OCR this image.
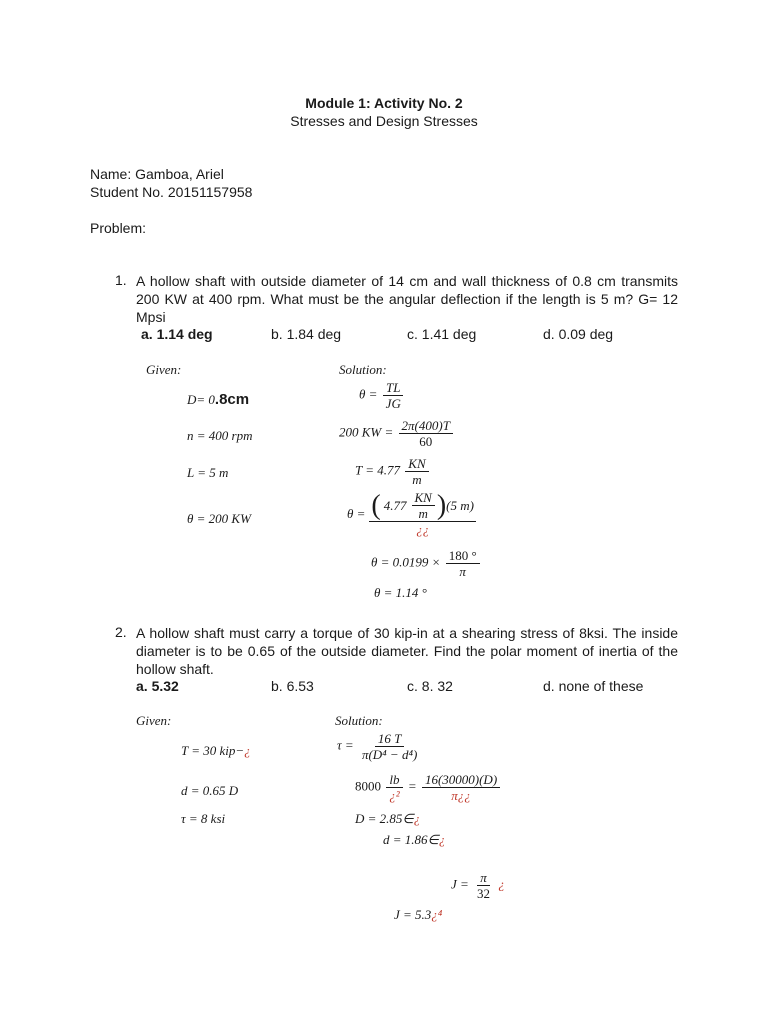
Module 1: Activity No. 2
Stresses and Design Stresses
Name: Gamboa, Ariel
Student No. 20151157958
Problem:
1. A hollow shaft with outside diameter of 14 cm and wall thickness of 0.8 cm transmits 200 KW at 400 rpm. What must be the angular deflection if the length is 5 m? G= 12 Mpsi
a. 1.14 deg	b. 1.84 deg	c. 1.41 deg	d. 0.09 deg
Given:	Solution:
D= 0.8cm
n = 400 rpm
L = 5 m
θ = 200 KW
$\theta = \frac{TL}{JG}$
200 KW = $\frac{2\pi(400)T}{60}$
$T = 4.77 \frac{KN}{m}$
$\theta = \frac{( 4.77 \frac{KN}{m} ) (5 m)}{¿¿}$
$\theta = 0.0199 \times \frac{180 ^\circ}{\pi}$
θ = 1.14 °
2. A hollow shaft must carry a torque of 30 kip-in at a shearing stress of 8ksi. The inside diameter is to be 0.65 of the outside diameter. Find the polar moment of inertia of the hollow shaft.
a. 5.32	b. 6.53	c. 8. 32	d. none of these
Given:	Solution:
T = 30 kip−¿
d = 0.65 D
τ = 8 ksi
$\tau = \frac{16 T}{\text{π(D⁴ − d⁴)}}$
$8000 \frac{lb}{\text{¿²}} = \frac{16(30000)(D)}{\pi¿¿}$
D = 2.85∈¿
d = 1.86∈¿
$J = \frac{\pi}{32}$ ¿
J = 5.3¿⁴
